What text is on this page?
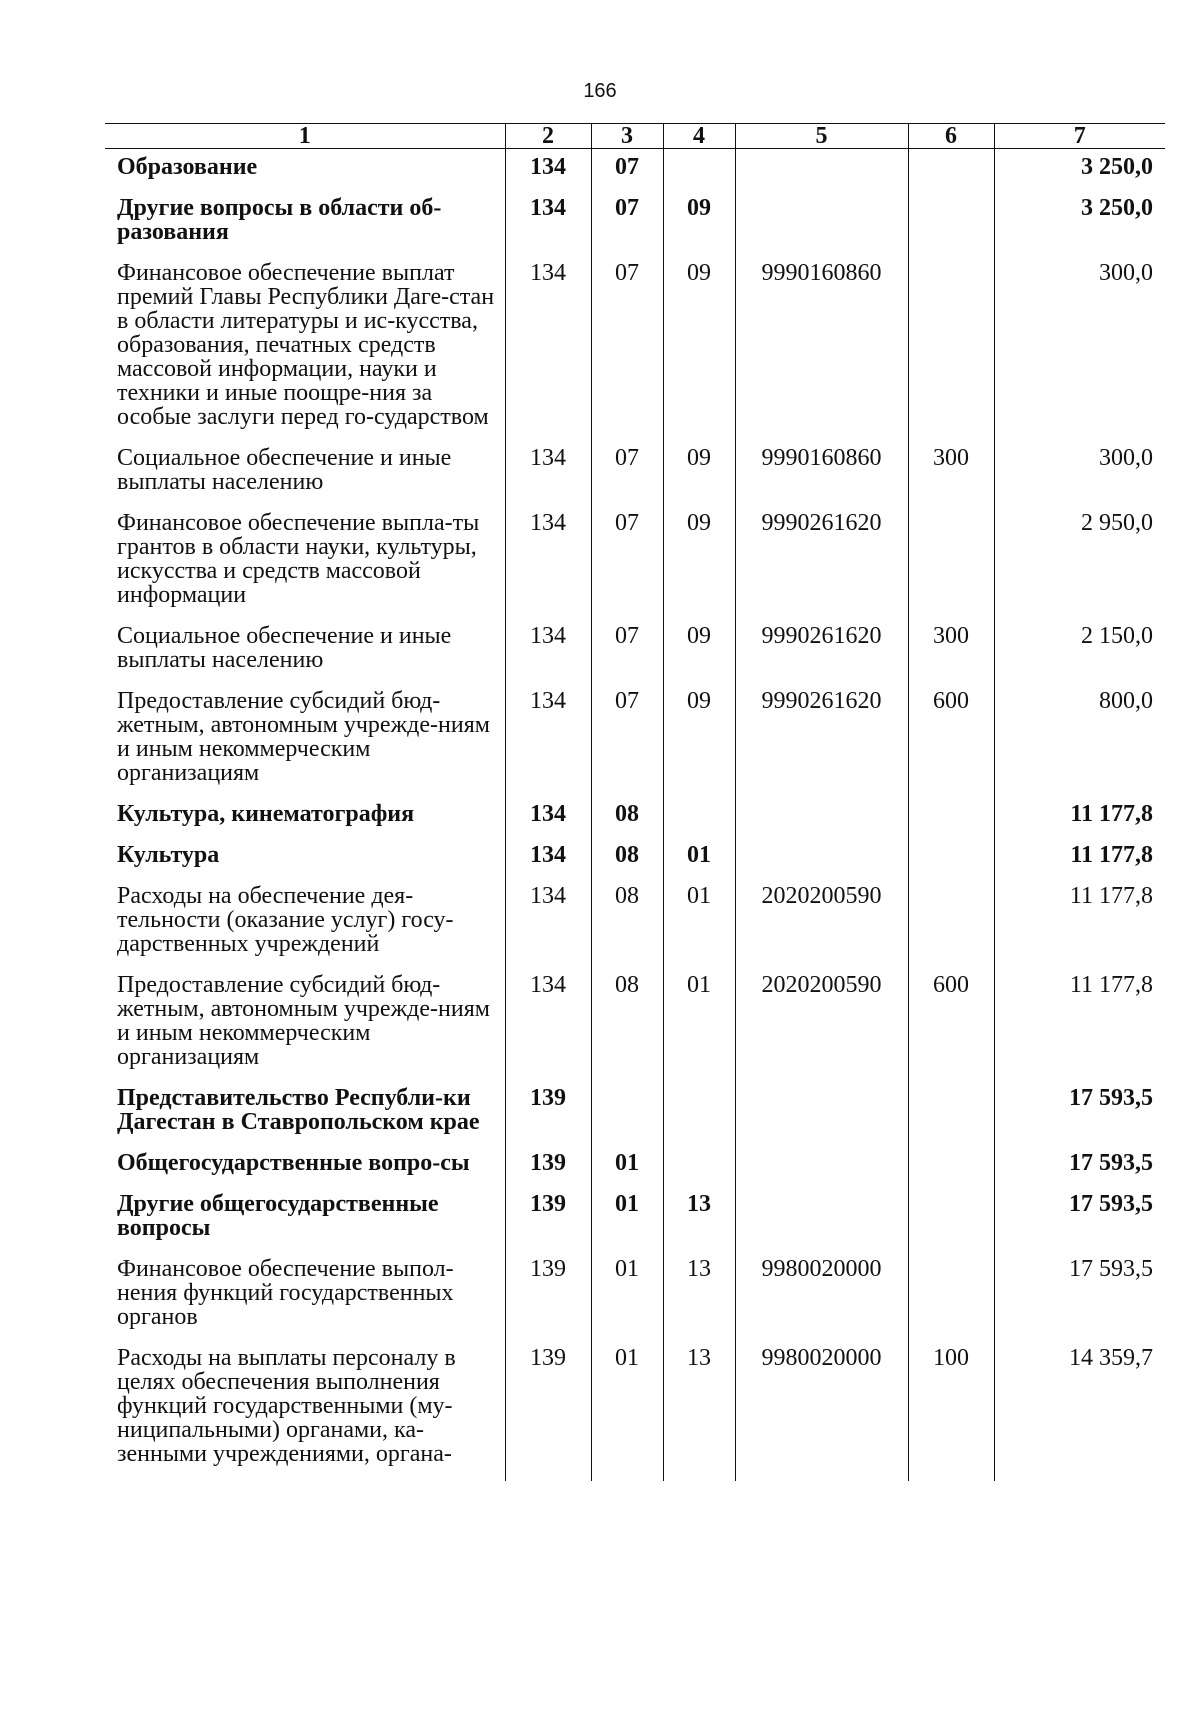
166
1	2	3	4	5	6	7
Образование	134	07				3 250,0
Другие вопросы в области об-разования	134	07	09			3 250,0
Финансовое обеспечение выплат премий Главы Республики Даге-стан в области литературы и ис-кусства, образования, печатных средств массовой информации, науки и техники и иные поощре-ния за особые заслуги перед го-сударством	134	07	09	9990160860		300,0
Социальное обеспечение и иные выплаты населению	134	07	09	9990160860	300	300,0
Финансовое обеспечение выпла-ты грантов в области науки, культуры, искусства и средств массовой информации	134	07	09	9990261620		2 950,0
Социальное обеспечение и иные выплаты населению	134	07	09	9990261620	300	2 150,0
Предоставление субсидий бюд-жетным, автономным учрежде-ниям и иным некоммерческим организациям	134	07	09	9990261620	600	800,0
Культура, кинематография	134	08				11 177,8
Культура	134	08	01			11 177,8
Расходы на обеспечение дея-тельности (оказание услуг) госу-дарственных учреждений	134	08	01	2020200590		11 177,8
Предоставление субсидий бюд-жетным, автономным учрежде-ниям и иным некоммерческим организациям	134	08	01	2020200590	600	11 177,8
Представительство Республи-ки Дагестан в Ставропольском крае	139					17 593,5
Общегосударственные вопро-сы	139	01				17 593,5
Другие общегосударственные вопросы	139	01	13			17 593,5
Финансовое обеспечение выпол-нения функций государственных органов	139	01	13	9980020000		17 593,5
Расходы на выплаты персоналу в целях обеспечения выполнения функций государственными (му-ниципальными) органами, ка-зенными учреждениями, органа-	139	01	13	9980020000	100	14 359,7
